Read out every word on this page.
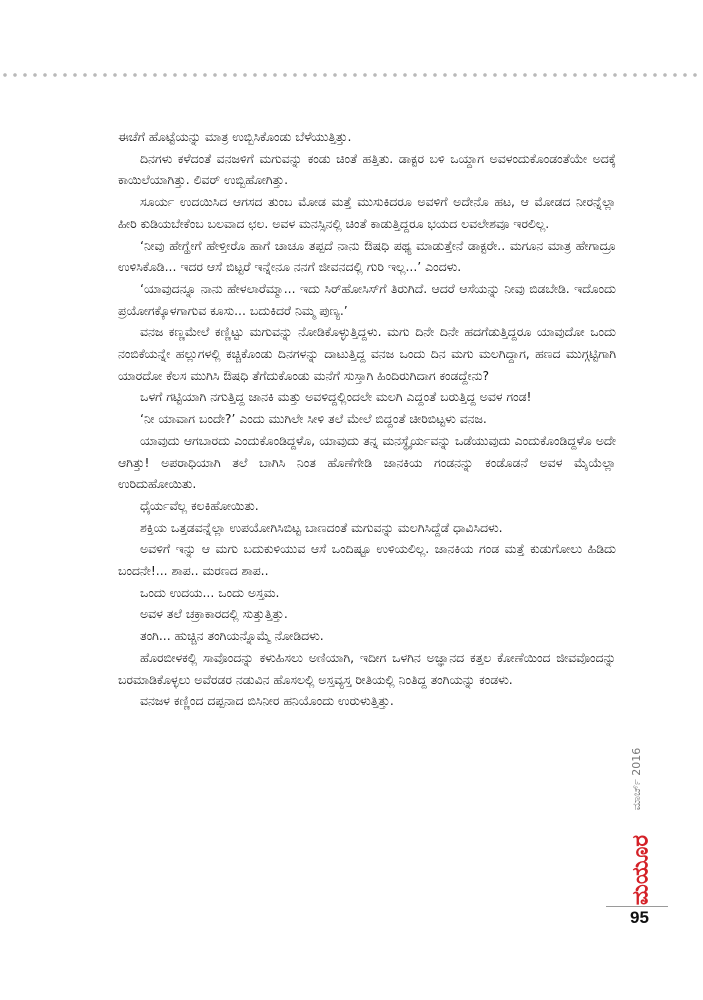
ಈಚೆಗೆ ಹೊಟ್ಟೆಯನ್ನು ಮಾತ್ರ ಉಬ್ಬಿಸಿಕೊಂಡು ಬೆಳೆಯುತ್ತಿತ್ತು.

ದಿನಗಳು ಕಳೆದಂತೆ ವನಜಳಿಗೆ ಮಗುವನ್ನು ಕಂಡು ಚಿಂತೆ ಹತ್ತಿತು. ಡಾಕ್ಟರ ಬಳಿ ಒಯ್ದಾಗ ಅವಳಂದುಕೊಂಡಂತೆಯೇ ಅದಕ್ಕೆ ಕಾಯಿಲೆಯಾಗಿತ್ತು. ಲಿವರ್ ಉಬ್ಬಿಹೋಗಿತ್ತು.

ಸೂರ್ಯ ಉದಯಿಸಿದ ಆಗಸದ ತುಂಬ ಮೋಡ ಮತ್ತೆ ಮುಸುಕಿದರೂ ಅವಳಿಗೆ ಅದೇನೊ ಹಟ, ಆ ಮೋಡದ ನೀರನ್ನೆಲ್ಲಾ ಹೀರಿ ಕುಡಿಯಬೇಕೆಂಬ ಬಲವಾದ ಛಲ. ಅವಳ ಮನಸ್ಸಿನಲ್ಲಿ ಚಿಂತೆ ಕಾಡುತ್ತಿದ್ದರೂ ಭಯದ ಲವಲೇಶವೂ ಇರಲಿಲ್ಲ.

‘ನೀವು ಹೇಗ್ಹೇಗೆ ಹೇಳ್ತೀರೊ ಹಾಗೆ ಚಾಚೂ ತಪ್ಪದೆ ನಾನು ಔಷಧಿ ಪಥ್ಯ ಮಾಡುತ್ತೇನೆ ಡಾಕ್ಟರೇ.. ಮಗೂನ ಮಾತ್ರ ಹೇಗಾದ್ರೂ ಉಳಿಸಿಕೊಡಿ... ಇದರ ಆಸೆ ಬಿಟ್ಟರೆ ಇನ್ನೇನೂ ನನಗೆ ಜೀವನದಲ್ಲಿ ಗುರಿ ಇಲ್ಲ...’ ಎಂದಳು.

‘ಯಾವುದನ್ನೂ ನಾನು ಹೇಳಲಾರೆಮ್ಮಾ... ಇದು ಸಿರ್‌ಹೋಸಿಸ್‌ಗೆ ತಿರುಗಿದೆ. ಆದರೆ ಆಸೆಯನ್ನು ನೀವು ಬಿಡಬೇಡಿ. ಇದೊಂದು ಪ್ರಯೋಗಕ್ಕೊಳಗಾಗುವ ಕೂಸು... ಬದುಕಿದರೆ ನಿಮ್ಮ ಪುಣ್ಯ.’

ವನಜ ಕಣ್ಣಮೇಲೆ ಕಣ್ಣಿಟ್ಟು ಮಗುವನ್ನು ನೋಡಿಕೊಳ್ಳುತ್ತಿದ್ದಳು. ಮಗು ದಿನೇ ದಿನೇ ಹದಗೆಡುತ್ತಿದ್ದರೂ ಯಾವುದೋ ಒಂದು ನಂಬಿಕೆಯನ್ನೇ ಹಲ್ಲುಗಳಲ್ಲಿ ಕಚ್ಚಿಕೊಂಡು ದಿನಗಳನ್ನು ದಾಟುತ್ತಿದ್ದ ವನಜ ಒಂದು ದಿನ ಮಗು ಮಲಗಿದ್ದಾಗ, ಹಣದ ಮುಗ್ಗಟ್ಟಿಗಾಗಿ ಯಾರದೋ ಕೆಲಸ ಮುಗಿಸಿ ಔಷಧಿ ತೆಗೆದುಕೊಂಡು ಮನೆಗೆ ಸುಸ್ತಾಗಿ ಹಿಂದಿರುಗಿದಾಗ ಕಂಡದ್ದೇನು?

ಒಳಗೆ ಗಟ್ಟಿಯಾಗಿ ನಗುತ್ತಿದ್ದ ಜಾನಕಿ ಮತ್ತು ಅವಳಿದ್ದಲ್ಲಿಂದಲೇ ಮಲಗಿ ಎದ್ದಂತೆ ಬರುತ್ತಿದ್ದ ಅವಳ ಗಂಡ!

‘ನೀ ಯಾವಾಗ ಬಂದೇ?’ ಎಂದು ಮುಗಿಲೇ ಸೀಳಿ ತಲೆ ಮೇಲೆ ಬಿದ್ದಂತೆ ಚೀರಿಬಿಟ್ಟಳು ವನಜ.

ಯಾವುದು ಆಗಬಾರದು ಎಂದುಕೊಂಡಿದ್ದಳೊ, ಯಾವುದು ತನ್ನ ಮನಸ್ಥೈರ್ಯವನ್ನು ಒಡೆಯುವುದು ಎಂದುಕೊಂಡಿದ್ದಳೊ ಅದೇ ಆಗಿತ್ತು! ಅಪರಾಧಿಯಾಗಿ ತಲೆ ಬಾಗಿಸಿ ನಿಂತ ಹೊಣೆಗೇಡಿ ಜಾನಕಿಯ ಗಂಡನನ್ನು ಕಂಡೊಡನೆ ಅವಳ ಮೈಯೆಲ್ಲಾ ಉರಿದುಹೋಯಿತು.

ಧೈರ್ಯವೆಲ್ಲ ಕಲಕಿಹೋಯಿತು.

ಶಕ್ತಿಯ ಒತ್ತಡವನ್ನೆಲ್ಲಾ ಉಪಯೋಗಿಸಿಬಿಟ್ಟ ಬಾಣದಂತೆ ಮಗುವನ್ನು ಮಲಗಿಸಿದ್ದೆಡೆ ಧಾವಿಸಿದಳು.

ಅವಳಿಗೆ ಇನ್ನು ಆ ಮಗು ಬದುಕುಳಿಯುವ ಆಸೆ ಒಂದಿಷ್ಟೂ ಉಳಿಯಲಿಲ್ಲ. ಜಾನಕಿಯ ಗಂಡ ಮತ್ತೆ ಕುಡುಗೋಲು ಹಿಡಿದು ಬಂದನೇ!... ಶಾಪ.. ಮರಣದ ಶಾಪ..

ಒಂದು ಉದಯ... ಒಂದು ಅಸ್ತಮ.

ಅವಳ ತಲೆ ಚಕ್ರಾಕಾರದಲ್ಲಿ ಸುತ್ತುತ್ತಿತ್ತು.

ತಂಗಿ... ಹುಚ್ಚಿನ ತಂಗಿಯನ್ನೊಮ್ಮೆ ನೋಡಿದಳು.

ಹೊರಬೀಳಕಲ್ಲಿ ಸಾವೊಂದನ್ನು ಕಳುಹಿಸಲು ಅಣಿಯಾಗಿ, ಇದೀಗ ಒಳಗಿನ ಅಜ್ಞಾನದ ಕತ್ತಲ ಕೋಣೆಯಿಂದ ಜೀವವೊಂದನ್ನು ಬರಮಾಡಿಕೊಳ್ಳಲು ಅವೆರಡರ ನಡುವಿನ ಹೊಸಲಲ್ಲಿ ಅಸ್ತವ್ಯಸ್ತ ರೀತಿಯಲ್ಲಿ ನಿಂತಿದ್ದ ತಂಗಿಯನ್ನು ಕಂಡಳು.

ವನಜಳ ಕಣ್ಣಿಂದ ದಪ್ಪನಾದ ಬಿಸಿನೀರ ಹನಿಯೊಂದು ಉರುಳುತ್ತಿತ್ತು.

ಮಾರ್ಚ್ 2016
ಮಯೂರ
95
